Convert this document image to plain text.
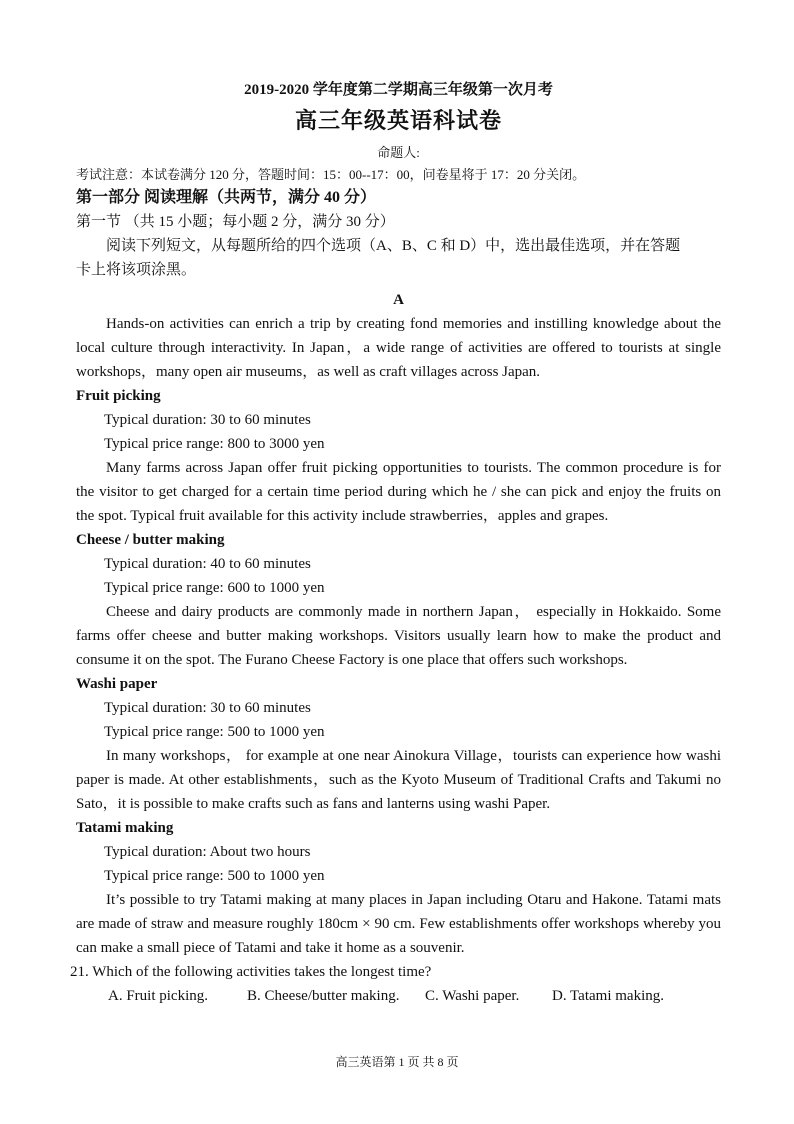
2019-2020 学年度第二学期高三年级第一次月考
高三年级英语科试卷
命题人:
考试注意：本试卷满分 120 分，答题时间：15：00--17：00，问卷星将于 17：20 分关闭。
第一部分 阅读理解（共两节，满分 40 分）
第一节 （共 15 小题；每小题 2 分，满分 30 分）
阅读下列短文，从每题所给的四个选项（A、B、C 和 D）中，选出最佳选项，并在答题
卡上将该项涂黑。
A
Hands-on activities can enrich a trip by creating fond memories and instilling knowledge about the local culture through interactivity. In Japan，a wide range of activities are offered to tourists at single workshops，many open air museums，as well as craft villages across Japan.
Fruit picking
Typical duration: 30 to 60 minutes
Typical price range: 800 to 3000 yen
Many farms across Japan offer fruit picking opportunities to tourists. The common procedure is for the visitor to get charged for a certain time period during which he / she can pick and enjoy the fruits on the spot. Typical fruit available for this activity include strawberries，apples and grapes.
Cheese / butter making
Typical duration: 40 to 60 minutes
Typical price range: 600 to 1000 yen
Cheese and dairy products are commonly made in northern Japan， especially in Hokkaido. Some farms offer cheese and butter making workshops. Visitors usually learn how to make the product and consume it on the spot. The Furano Cheese Factory is one place that offers such workshops.
Washi paper
Typical duration: 30 to 60 minutes
Typical price range: 500 to 1000 yen
In many workshops， for example at one near Ainokura Village，tourists can experience how washi paper is made. At other establishments，such as the Kyoto Museum of Traditional Crafts and Takumi no Sato，it is possible to make crafts such as fans and lanterns using washi Paper.
Tatami making
Typical duration: About two hours
Typical price range: 500 to 1000 yen
It’s possible to try Tatami making at many places in Japan including Otaru and Hakone. Tatami mats are made of straw and measure roughly 180cm × 90 cm. Few establishments offer workshops whereby you can make a small piece of Tatami and take it home as a souvenir.
21. Which of the following activities takes the longest time?
A. Fruit picking.	B. Cheese/butter making.	C. Washi paper.	D. Tatami making.
高三英语第 1 页 共 8 页
